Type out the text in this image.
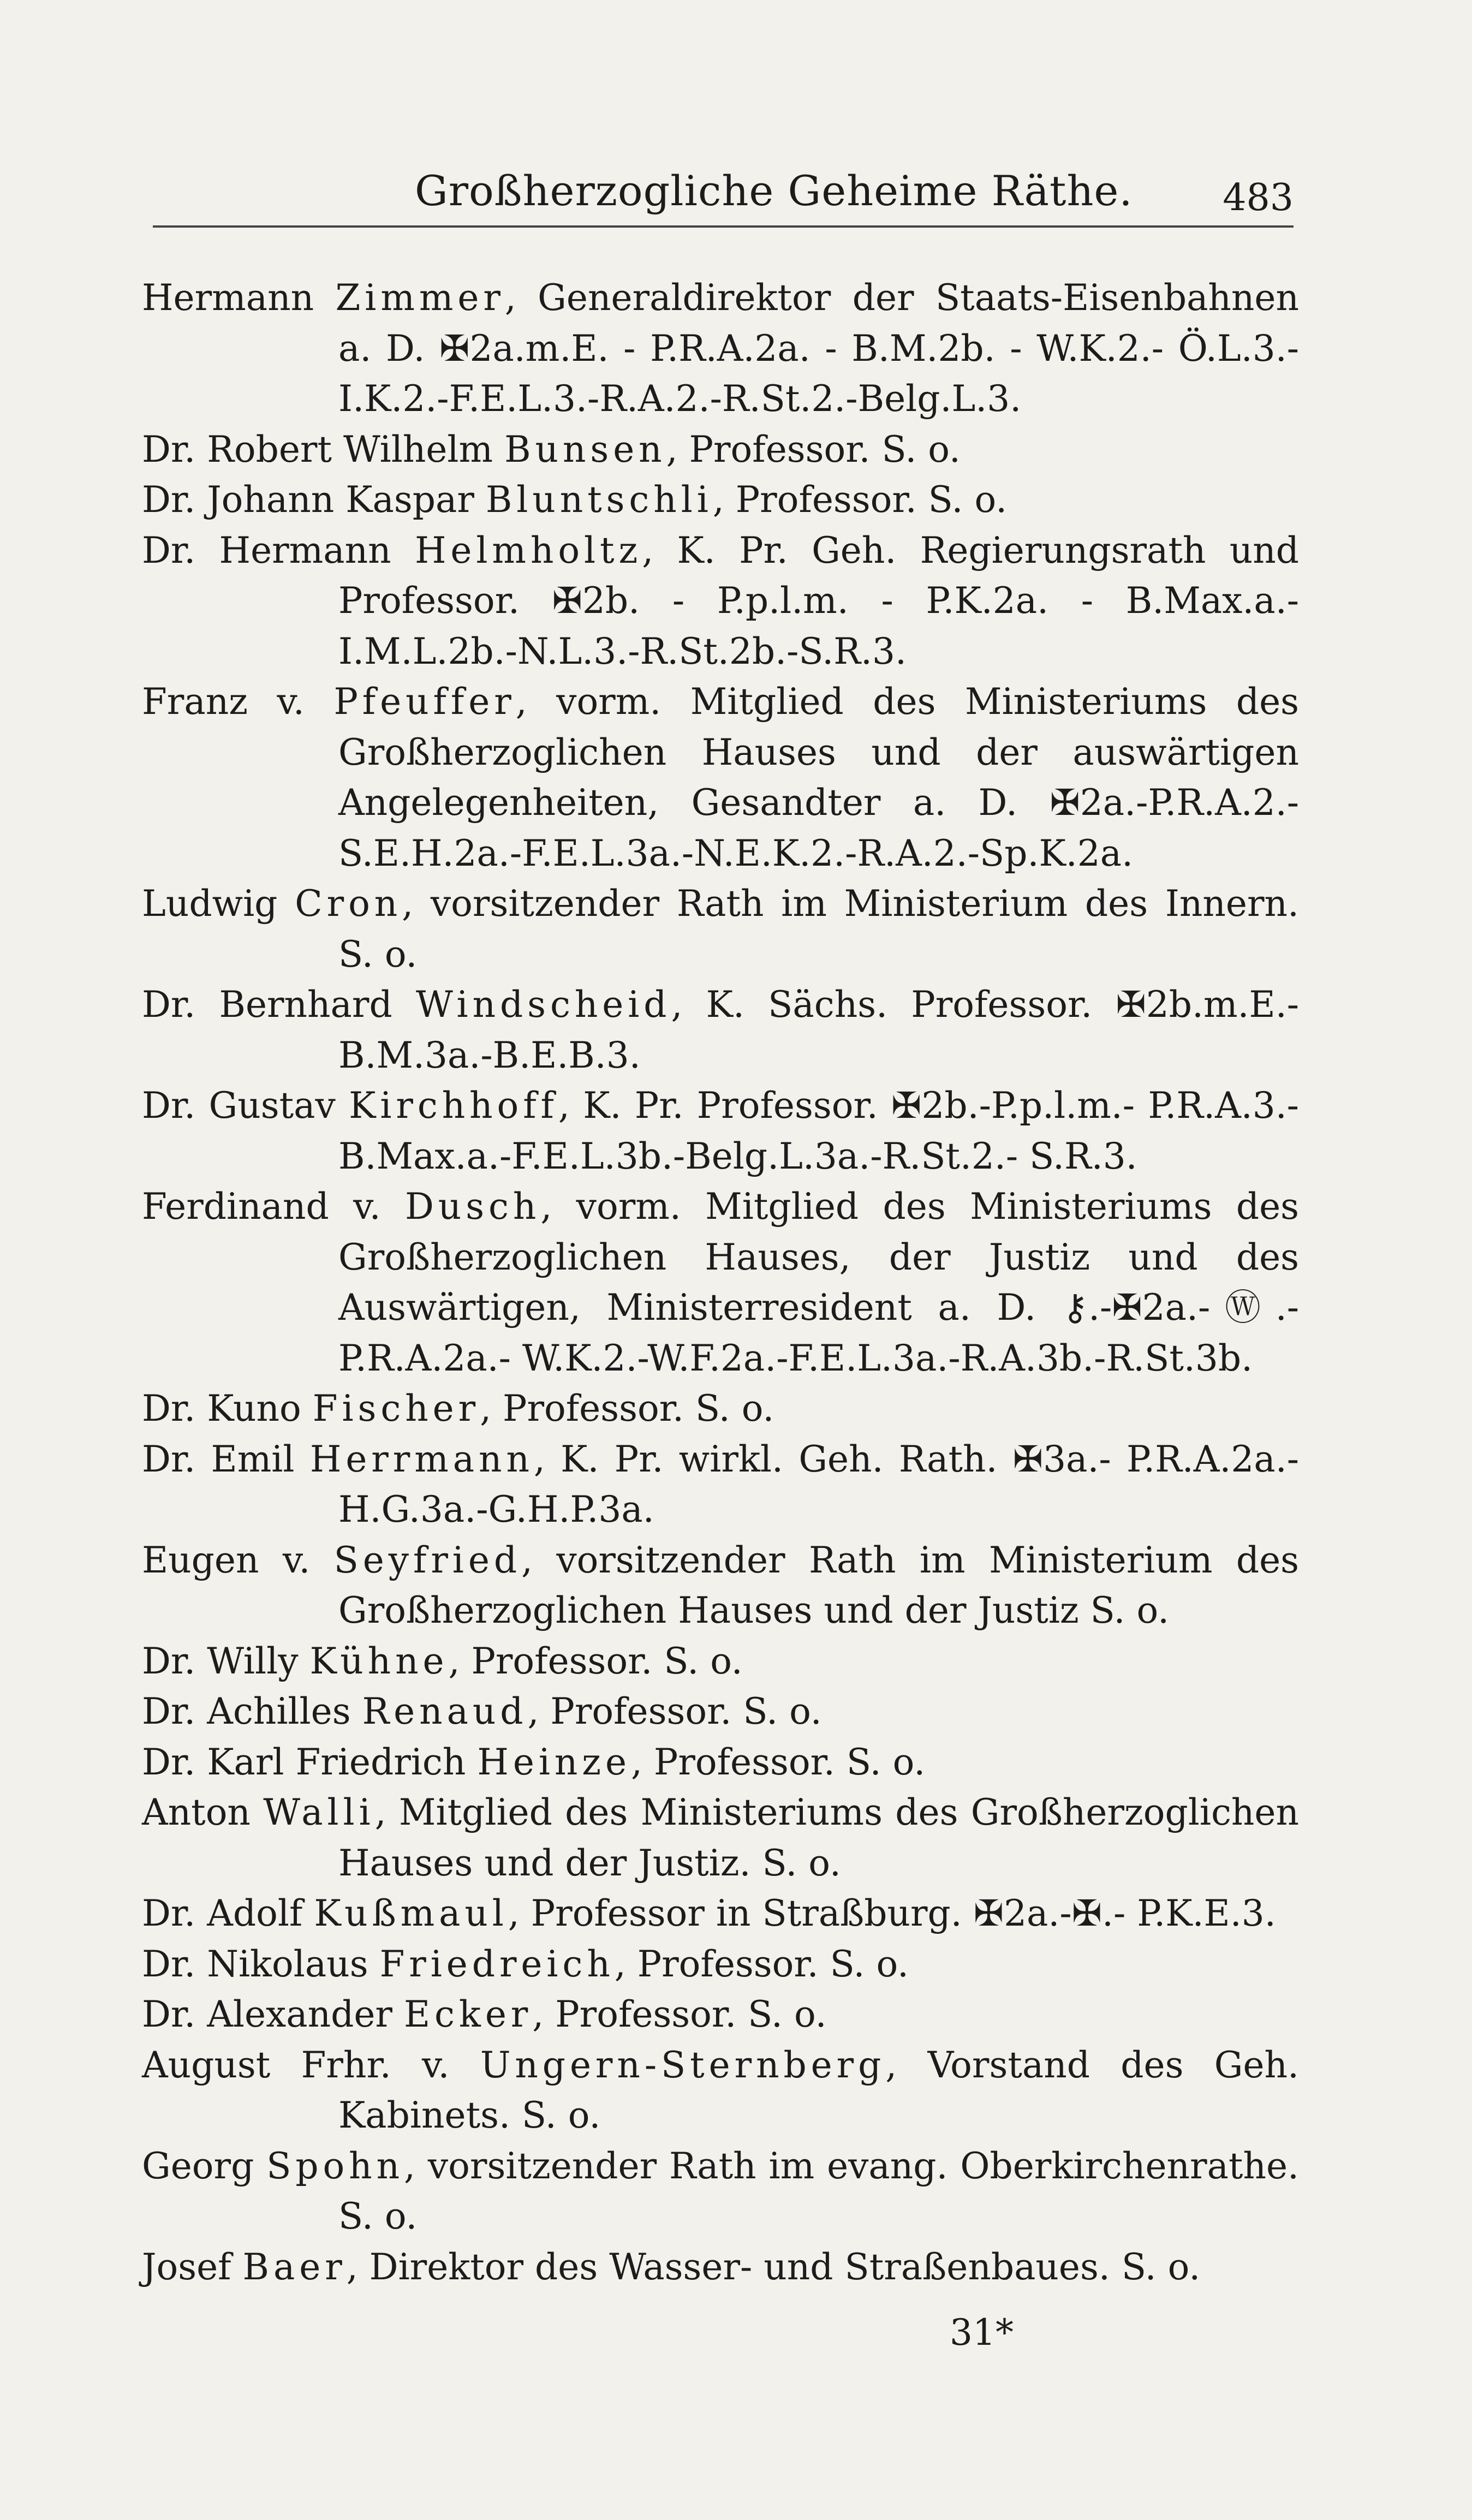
Großherzogliche Geheime Räthe. 483

Hermann Zimmer, Generaldirektor der Staats-Eisenbahnen a. D. ✠2a.m.E. - P.R.A.2a. - B.M.2b. - W.K.2.- Ö.L.3.-I.K.2.-F.E.L.3.-R.A.2.-R.St.2.-Belg.L.3.

Dr. Robert Wilhelm Bunsen, Professor. S. o.

Dr. Johann Kaspar Bluntschli, Professor. S. o.

Dr. Hermann Helmholtz, K. Pr. Geh. Regierungsrath und Professor. ✠2b. - P.p.l.m. - P.K.2a. - B.Max.a.- I.M.L.2b.-N.L.3.-R.St.2b.-S.R.3.

Franz v. Pfeuffer, vorm. Mitglied des Ministeriums des Großherzoglichen Hauses und der auswärtigen Angelegenheiten, Gesandter a. D. ✠2a.-P.R.A.2.- S.E.H.2a.-F.E.L.3a.-N.E.K.2.-R.A.2.-Sp.K.2a.

Ludwig Cron, vorsitzender Rath im Ministerium des Innern. S. o.

Dr. Bernhard Windscheid, K. Sächs. Professor. ✠2b.m.E.- B.M.3a.-B.E.B.3.

Dr. Gustav Kirchhoff, K. Pr. Professor. ✠2b.-P.p.l.m.- P.R.A.3.-B.Max.a.-F.E.L.3b.-Belg.L.3a.-R.St.2.- S.R.3.

Ferdinand v. Dusch, vorm. Mitglied des Ministeriums des Großherzoglichen Hauses, der Justiz und des Auswärtigen, Ministerresident a. D. ⚷.-✠2a.-Ⓦ.-P.R.A.2a.- W.K.2.-W.F.2a.-F.E.L.3a.-R.A.3b.-R.St.3b.

Dr. Kuno Fischer, Professor. S. o.

Dr. Emil Herrmann, K. Pr. wirkl. Geh. Rath. ✠3a.- P.R.A.2a.-H.G.3a.-G.H.P.3a.

Eugen v. Seyfried, vorsitzender Rath im Ministerium des Großherzoglichen Hauses und der Justiz S. o.

Dr. Willy Kühne, Professor. S. o.

Dr. Achilles Renaud, Professor. S. o.

Dr. Karl Friedrich Heinze, Professor. S. o.

Anton Walli, Mitglied des Ministeriums des Großherzoglichen Hauses und der Justiz. S. o.

Dr. Adolf Kußmaul, Professor in Straßburg. ✠2a.-✠.- P.K.E.3.

Dr. Nikolaus Friedreich, Professor. S. o.

Dr. Alexander Ecker, Professor. S. o.

August Frhr. v. Ungern-Sternberg, Vorstand des Geh. Kabinets. S. o.

Georg Spohn, vorsitzender Rath im evang. Oberkirchenrathe. S. o.

Josef Baer, Direktor des Wasser- und Straßenbaues. S. o.

31*
